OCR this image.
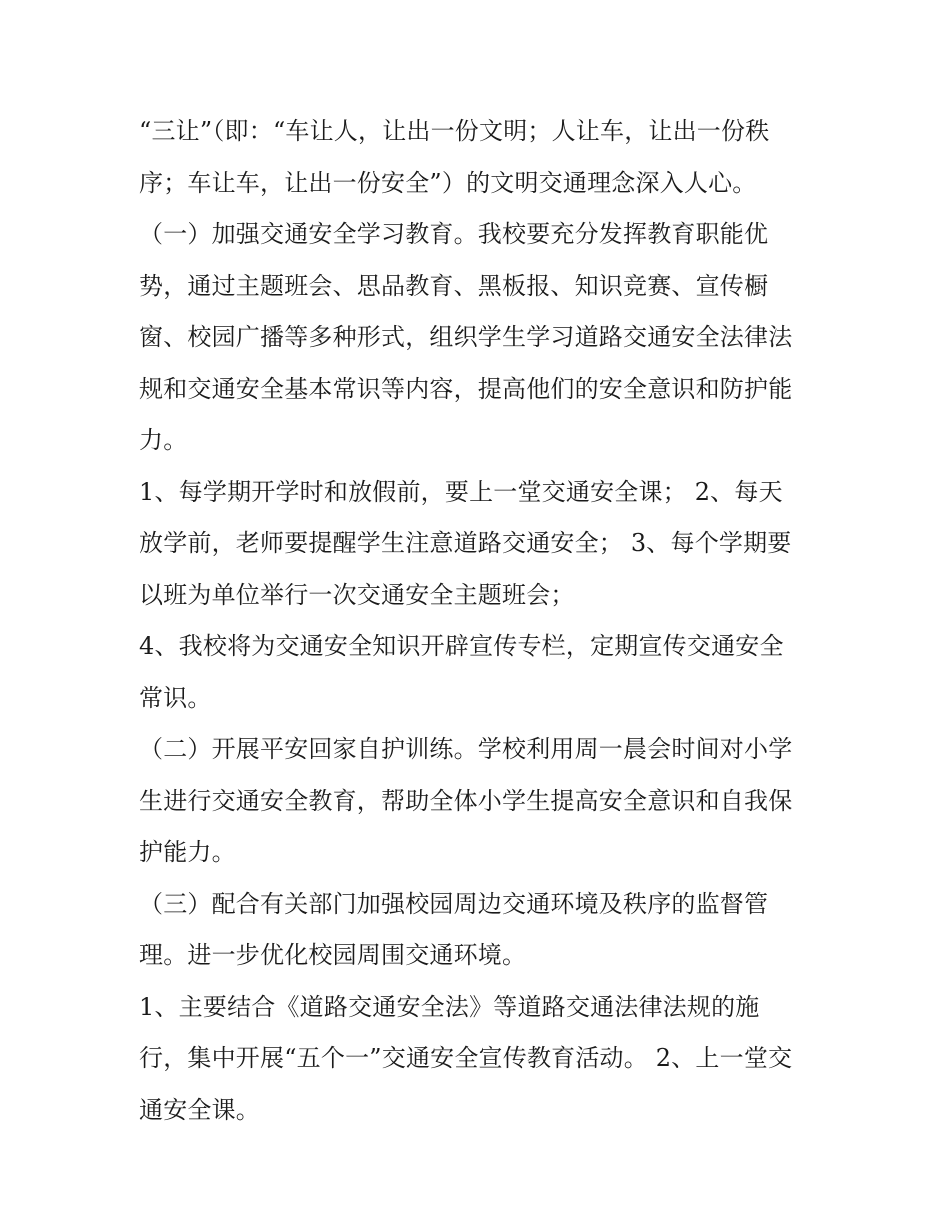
“三让”（即：“车让人，让出一份文明；人让车，让出一份秩
序；车让车，让出一份安全”）的文明交通理念深入人心。
（一）加强交通安全学习教育。我校要充分发挥教育职能优
势，通过主题班会、思品教育、黑板报、知识竞赛、宣传橱
窗、校园广播等多种形式，组织学生学习道路交通安全法律法
规和交通安全基本常识等内容，提高他们的安全意识和防护能
力。
1、每学期开学时和放假前，要上一堂交通安全课； 2、每天
放学前，老师要提醒学生注意道路交通安全； 3、每个学期要
以班为单位举行一次交通安全主题班会；
4、我校将为交通安全知识开辟宣传专栏，定期宣传交通安全
常识。
（二）开展平安回家自护训练。学校利用周一晨会时间对小学
生进行交通安全教育，帮助全体小学生提高安全意识和自我保
护能力。
（三）配合有关部门加强校园周边交通环境及秩序的监督管
理。进一步优化校园周围交通环境。
1、主要结合《道路交通安全法》等道路交通法律法规的施
行，集中开展“五个一”交通安全宣传教育活动。 2、上一堂交
通安全课。
